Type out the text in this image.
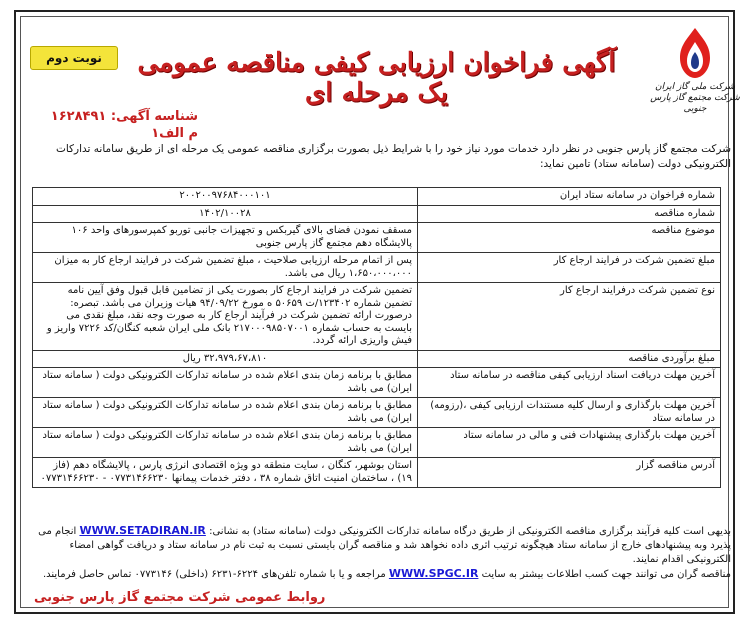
شرکت ملی گاز ایران
شرکت مجتمع گاز پارس جنوبی
نوبت دوم	آگهی فراخوان ارزیابی کیفی مناقصه عمومی یک مرحله ای
شناسه آگهی: ۱۶۲۸۴۹۱
م الف۱
شرکت مجتمع گاز پارس جنوبی در نظر دارد خدمات مورد نیاز خود را با شرایط ذیل بصورت برگزاری مناقصه عمومی یک مرحله ای از طریق سامانه تدارکات الکترونیکی دولت (سامانه ستاد) تامین نماید:
شماره فراخوان در سامانه ستاد ایران	۲۰۰۲۰۰۹۷۶۸۴۰۰۰۱۰۱
شماره مناقصه	۱۴۰۲/۱۰۰۲۸
موضوع مناقصه	مسقف نمودن فضای بالای گیربکس و تجهیزات جانبی توربو کمپرسورهای واحد ۱۰۶ پالایشگاه دهم مجتمع گاز پارس جنوبی
مبلغ تضمین شرکت در فرایند ارجاع کار	پس از اتمام مرحله ارزیابی صلاحیت ، مبلغ تضمین شرکت در فرایند ارجاع کار به میزان ۱،۶۵۰،۰۰۰،۰۰۰ ریال می باشد.
نوع تضمین شرکت درفرایند ارجاع کار	تضمین شرکت در فرایند ارجاع کار بصورت یکی از تضامین قابل قبول وفق آیین نامه تضمین شماره ۱۲۳۴۰۲/ت ۵۰۶۵۹ ه مورخ ۹۴/۰۹/۲۲ هیات وزیران می باشد. تبصره: درصورت ارائه تضمین شرکت در فرآیند ارجاع کار به صورت وجه نقد، مبلغ نقدی می بایست به حساب شماره ۲۱۷۰۰۰۹۸۵۰۷۰۰۱ بانک ملی ایران شعبه کنگان/کد ۷۲۲۶ واریز و فیش واریزی ارائه گردد.
مبلغ برآوردی مناقصه	۳۲،۹۷۹،۶۷،۸۱۰ ریال
آخرین مهلت دریافت اسناد ارزیابی کیفی مناقصه در سامانه ستاد	مطابق با برنامه زمان بندی اعلام شده در سامانه تدارکات الکترونیکی دولت ( سامانه ستاد ایران) می باشد
آخرین مهلت بارگذاری و ارسال کلیه مستندات ارزیابی کیفی ،(رزومه) در سامانه ستاد	مطابق با برنامه زمان بندی اعلام شده در سامانه تدارکات الکترونیکی دولت ( سامانه ستاد ایران) می باشد
آخرین مهلت بارگذاری پیشنهادات فنی و مالی در سامانه ستاد	مطابق با برنامه زمان بندی اعلام شده در سامانه تدارکات الکترونیکی دولت ( سامانه ستاد ایران) می باشد
آدرس مناقصه گزار	استان بوشهر، کنگان ، سایت منطقه دو ویژه اقتصادی انرژی پارس ، پالایشگاه دهم (فاز ۱۹) ، ساختمان امنیت اتاق شماره ۳۸ ، دفتر خدمات پیمانها ۰۷۷۳۱۴۶۶۲۳۰ - ۰۷۷۳۱۴۶۶۲۳۰
بدیهی است کلیه فرآیند برگزاری مناقصه الکترونیکی از طریق درگاه سامانه تدارکات الکترونیکی دولت (سامانه ستاد) به نشانی: WWW.SETADIRAN.IR انجام می پذیرد وبه پیشنهادهای خارج از سامانه ستاد هیچگونه ترتیب اثری داده نخواهد شد و مناقصه گران بایستی نسبت به ثبت نام در سامانه ستاد و دریافت گواهی امضاء الکترونیکی اقدام نمایند.
مناقصه گران می توانند جهت کسب اطلاعات بیشتر به سایت WWW.SPGC.IR مراجعه و یا با شماره تلفن‌های ۶۲۲۴-۶۲۳۱ (داخلی) ۰۷۷۳۱۴۶ تماس حاصل فرمایند.
روابط عمومی شرکت مجتمع گاز پارس جنوبی
